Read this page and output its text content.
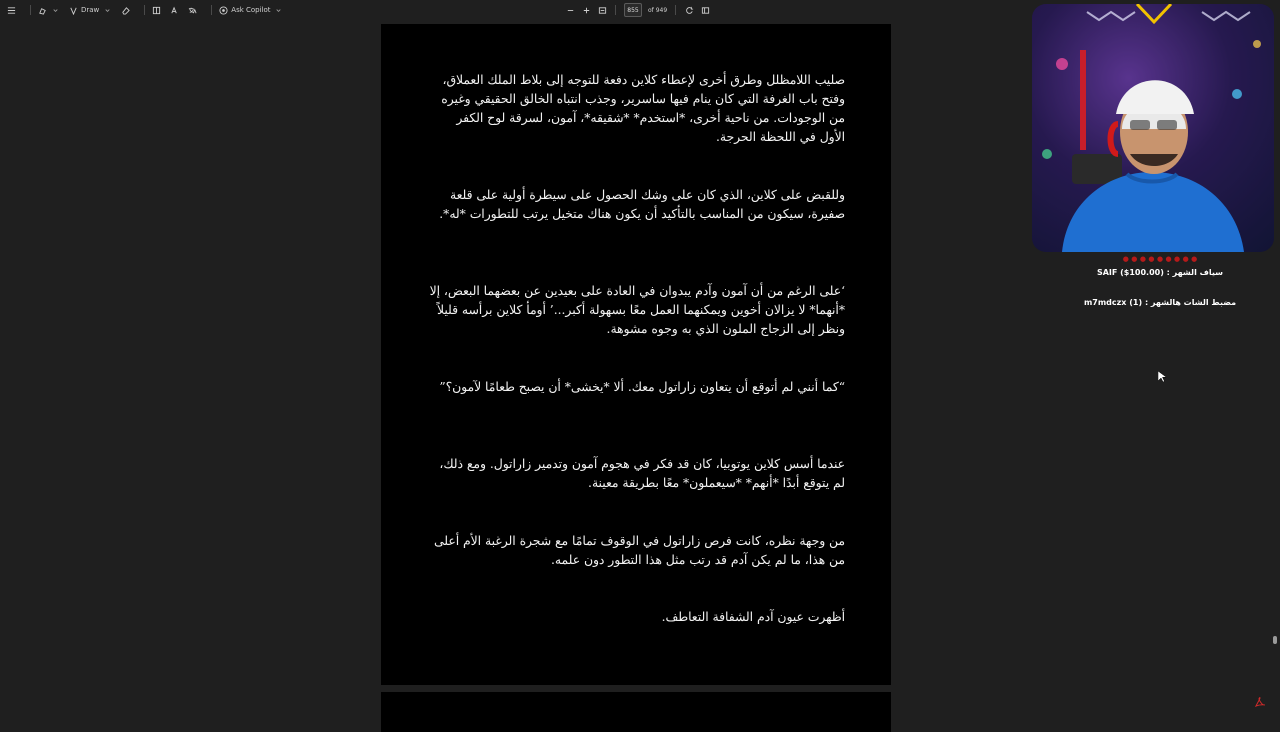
Draw	Ask Copilot	855	of 949
صليب اللامظلل وطرق أخرى لإعطاء كلاين دفعة للتوجه إلى بلاط الملك العملاق، وفتح باب الغرفة التي كان ينام فيها ساسرير، وجذب انتباه الخالق الحقيقي وغيره من الوجودات. من ناحية أخرى، *استخدم* *شقيقه*، آمون، لسرقة لوح الكفر الأول في اللحظة الحرجة.
وللقبض على كلاين، الذي كان على وشك الحصول على سيطرة أولية على قلعة صفيرة، سيكون من المناسب بالتأكيد أن يكون هناك متخيل يرتب للتطورات *له*.
‘على الرغم من أن آمون وآدم يبدوان في العادة على بعيدين عن بعضهما البعض، إلا *أنهما* لا يزالان أخوين ويمكنهما العمل معًا بسهولة أكبر...’ أومأ كلاين برأسه قليلاً ونظر إلى الزجاج الملون الذي به وجوه مشوهة.
“كما أنني لم أتوقع أن يتعاون زاراتول معك. ألا *يخشى* أن يصبح طعامًا لآمون؟”
عندما أسس كلاين يوتوبيا، كان قد فكر في هجوم آمون وتدمير زاراتول. ومع ذلك، لم يتوقع أبدًا *أنهم* *سيعملون* معًا بطريقة معينة.
من وجهة نظره، كانت فرص زاراتول في الوقوف تمامًا مع شجرة الرغبة الأم أعلى من هذا، ما لم يكن آدم قد رتب مثل هذا التطور دون علمه.
أظهرت عيون آدم الشفافة التعاطف.
● ● ● ● ● ● ● ● ●
سياف الشهر : SAIF ($100.00)
مضبط الشات هالشهر : (1) m7mdczx
